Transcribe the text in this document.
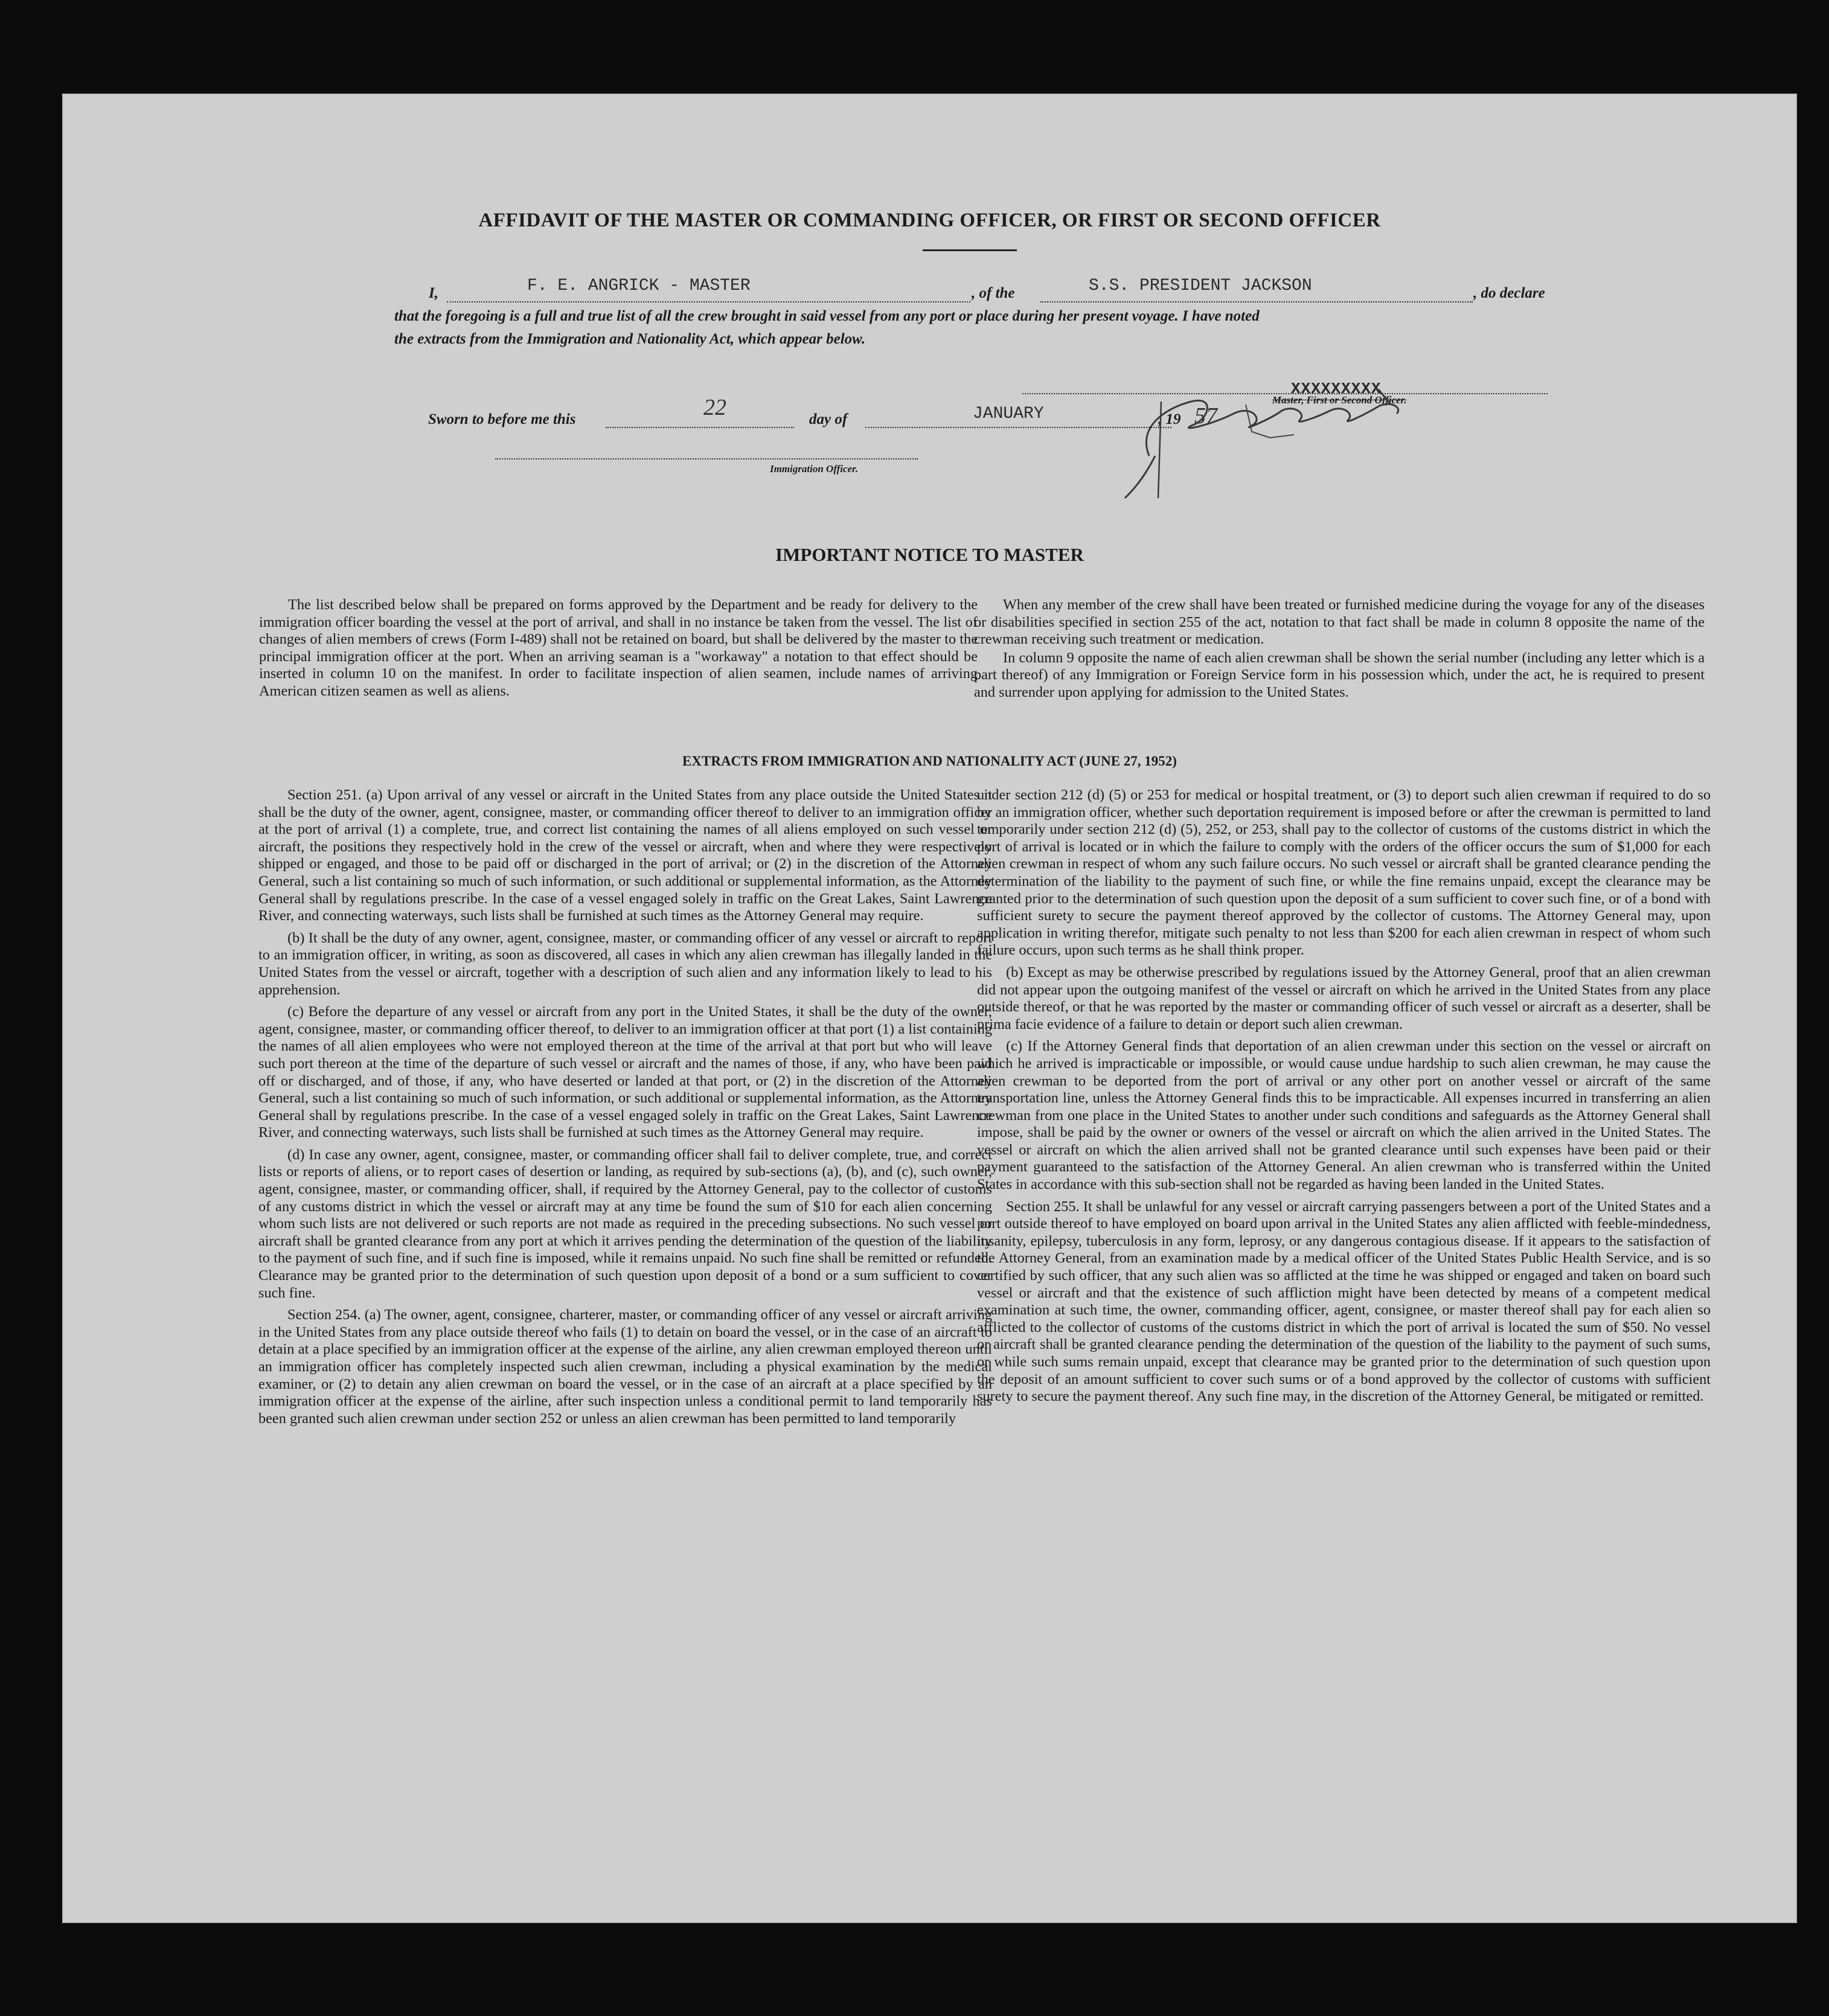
AFFIDAVIT OF THE MASTER OR COMMANDING OFFICER, OR FIRST OR SECOND OFFICER
I,	F. E. ANGRICK - MASTER	, of the	S.S. PRESIDENT JACKSON	, do declare
that the foregoing is a full and true list of all the crew brought in said vessel from any port or place during her present voyage. I have noted
the extracts from the Immigration and Nationality Act, which appear below.
Sworn to before me this	22	day of	JANUARY	, 19 57
Master, First or Second Officer.
XXXXXXXXX
Immigration Officer.
IMPORTANT NOTICE TO MASTER

The list described below shall be prepared on forms approved by the Department and be ready for delivery to the immigration officer boarding the vessel at the port of arrival, and shall in no instance be taken from the vessel. The list of changes of alien members of crews (Form I-489) shall not be retained on board, but shall be delivered by the master to the principal immigration officer at the port. When an arriving seaman is a "workaway" a notation to that effect should be inserted in column 10 on the manifest. In order to facilitate inspection of alien seamen, include names of arriving American citizen seamen as well as aliens.

When any member of the crew shall have been treated or furnished medicine during the voyage for any of the diseases or disabilities specified in section 255 of the act, notation to that fact shall be made in column 8 opposite the name of the crewman receiving such treatment or medication.

In column 9 opposite the name of each alien crewman shall be shown the serial number (including any letter which is a part thereof) of any Immigration or Foreign Service form in his possession which, under the act, he is required to present and surrender upon applying for admission to the United States.

EXTRACTS FROM IMMIGRATION AND NATIONALITY ACT (JUNE 27, 1952)

Section 251. (a) Upon arrival of any vessel or aircraft in the United States from any place outside the United States it shall be the duty of the owner, agent, consignee, master, or commanding officer thereof to deliver to an immigration officer at the port of arrival (1) a complete, true, and correct list containing the names of all aliens employed on such vessel or aircraft, the positions they respectively hold in the crew of the vessel or aircraft, when and where they were respectively shipped or engaged, and those to be paid off or discharged in the port of arrival; or (2) in the discretion of the Attorney General, such a list containing so much of such information, or such additional or supplemental information, as the Attorney General shall by regulations prescribe. In the case of a vessel engaged solely in traffic on the Great Lakes, Saint Lawrence River, and connecting waterways, such lists shall be furnished at such times as the Attorney General may require.

(b) It shall be the duty of any owner, agent, consignee, master, or commanding officer of any vessel or aircraft to report to an immigration officer, in writing, as soon as discovered, all cases in which any alien crewman has illegally landed in the United States from the vessel or aircraft, together with a description of such alien and any information likely to lead to his apprehension.

(c) Before the departure of any vessel or aircraft from any port in the United States, it shall be the duty of the owner, agent, consignee, master, or commanding officer thereof, to deliver to an immigration officer at that port (1) a list containing the names of all alien employees who were not employed thereon at the time of the arrival at that port but who will leave such port thereon at the time of the departure of such vessel or aircraft and the names of those, if any, who have been paid off or discharged, and of those, if any, who have deserted or landed at that port, or (2) in the discretion of the Attorney General, such a list containing so much of such information, or such additional or supplemental information, as the Attorney General shall by regulations prescribe. In the case of a vessel engaged solely in traffic on the Great Lakes, Saint Lawrence River, and connecting waterways, such lists shall be furnished at such times as the Attorney General may require.

(d) In case any owner, agent, consignee, master, or commanding officer shall fail to deliver complete, true, and correct lists or reports of aliens, or to report cases of desertion or landing, as required by sub-sections (a), (b), and (c), such owner, agent, consignee, master, or commanding officer, shall, if required by the Attorney General, pay to the collector of customs of any customs district in which the vessel or aircraft may at any time be found the sum of $10 for each alien concerning whom such lists are not delivered or such reports are not made as required in the preceding subsections. No such vessel or aircraft shall be granted clearance from any port at which it arrives pending the determination of the question of the liability to the payment of such fine, and if such fine is imposed, while it remains unpaid. No such fine shall be remitted or refunded. Clearance may be granted prior to the determination of such question upon deposit of a bond or a sum sufficient to cover such fine.

Section 254. (a) The owner, agent, consignee, charterer, master, or commanding officer of any vessel or aircraft arriving in the United States from any place outside thereof who fails (1) to detain on board the vessel, or in the case of an aircraft to detain at a place specified by an immigration officer at the expense of the airline, any alien crewman employed thereon until an immigration officer has completely inspected such alien crewman, including a physical examination by the medical examiner, or (2) to detain any alien crewman on board the vessel, or in the case of an aircraft at a place specified by an immigration officer at the expense of the airline, after such inspection unless a conditional permit to land temporarily has been granted such alien crewman under section 252 or unless an alien crewman has been permitted to land temporarily

under section 212 (d) (5) or 253 for medical or hospital treatment, or (3) to deport such alien crewman if required to do so by an immigration officer, whether such deportation requirement is imposed before or after the crewman is permitted to land temporarily under section 212 (d) (5), 252, or 253, shall pay to the collector of customs of the customs district in which the port of arrival is located or in which the failure to comply with the orders of the officer occurs the sum of $1,000 for each alien crewman in respect of whom any such failure occurs. No such vessel or aircraft shall be granted clearance pending the determination of the liability to the payment of such fine, or while the fine remains unpaid, except the clearance may be granted prior to the determination of such question upon the deposit of a sum sufficient to cover such fine, or of a bond with sufficient surety to secure the payment thereof approved by the collector of customs. The Attorney General may, upon application in writing therefor, mitigate such penalty to not less than $200 for each alien crewman in respect of whom such failure occurs, upon such terms as he shall think proper.

(b) Except as may be otherwise prescribed by regulations issued by the Attorney General, proof that an alien crewman did not appear upon the outgoing manifest of the vessel or aircraft on which he arrived in the United States from any place outside thereof, or that he was reported by the master or commanding officer of such vessel or aircraft as a deserter, shall be prima facie evidence of a failure to detain or deport such alien crewman.

(c) If the Attorney General finds that deportation of an alien crewman under this section on the vessel or aircraft on which he arrived is impracticable or impossible, or would cause undue hardship to such alien crewman, he may cause the alien crewman to be deported from the port of arrival or any other port on another vessel or aircraft of the same transportation line, unless the Attorney General finds this to be impracticable. All expenses incurred in transferring an alien crewman from one place in the United States to another under such conditions and safeguards as the Attorney General shall impose, shall be paid by the owner or owners of the vessel or aircraft on which the alien arrived in the United States. The vessel or aircraft on which the alien arrived shall not be granted clearance until such expenses have been paid or their payment guaranteed to the satisfaction of the Attorney General. An alien crewman who is transferred within the United States in accordance with this sub-section shall not be regarded as having been landed in the United States.

Section 255. It shall be unlawful for any vessel or aircraft carrying passengers between a port of the United States and a port outside thereof to have employed on board upon arrival in the United States any alien afflicted with feeble-mindedness, insanity, epilepsy, tuberculosis in any form, leprosy, or any dangerous contagious disease. If it appears to the satisfaction of the Attorney General, from an examination made by a medical officer of the United States Public Health Service, and is so certified by such officer, that any such alien was so afflicted at the time he was shipped or engaged and taken on board such vessel or aircraft and that the existence of such affliction might have been detected by means of a competent medical examination at such time, the owner, commanding officer, agent, consignee, or master thereof shall pay for each alien so afflicted to the collector of customs of the customs district in which the port of arrival is located the sum of $50. No vessel or aircraft shall be granted clearance pending the determination of the question of the liability to the payment of such sums, or while such sums remain unpaid, except that clearance may be granted prior to the determination of such question upon the deposit of an amount sufficient to cover such sums or of a bond approved by the collector of customs with sufficient surety to secure the payment thereof. Any such fine may, in the discretion of the Attorney General, be mitigated or remitted.
